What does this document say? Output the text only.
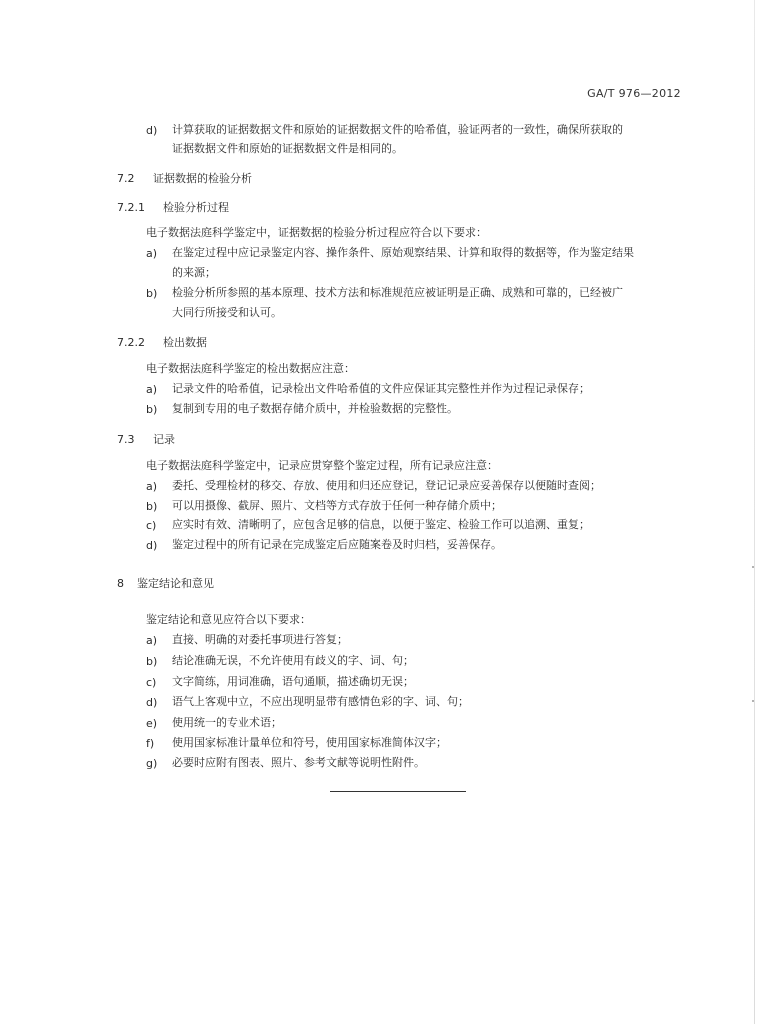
GA/T 976—2012
d) 计算获取的证据数据文件和原始的证据数据文件的哈希值，验证两者的一致性，确保所获取的
证据数据文件和原始的证据数据文件是相同的。
7.2 证据数据的检验分析
7.2.1 检验分析过程
电子数据法庭科学鉴定中，证据数据的检验分析过程应符合以下要求：
a) 在鉴定过程中应记录鉴定内容、操作条件、原始观察结果、计算和取得的数据等，作为鉴定结果
的来源；
b) 检验分析所参照的基本原理、技术方法和标准规范应被证明是正确、成熟和可靠的，已经被广
大同行所接受和认可。
7.2.2 检出数据
电子数据法庭科学鉴定的检出数据应注意：
a) 记录文件的哈希值，记录检出文件哈希值的文件应保证其完整性并作为过程记录保存；
b) 复制到专用的电子数据存储介质中，并检验数据的完整性。
7.3 记录
电子数据法庭科学鉴定中，记录应贯穿整个鉴定过程，所有记录应注意：
a) 委托、受理检材的移交、存放、使用和归还应登记，登记记录应妥善保存以便随时查阅；
b) 可以用摄像、截屏、照片、文档等方式存放于任何一种存储介质中；
c) 应实时有效、清晰明了，应包含足够的信息，以便于鉴定、检验工作可以追溯、重复；
d) 鉴定过程中的所有记录在完成鉴定后应随案卷及时归档，妥善保存。
8 鉴定结论和意见
鉴定结论和意见应符合以下要求：
a) 直接、明确的对委托事项进行答复；
b) 结论准确无误，不允许使用有歧义的字、词、句；
c) 文字简练，用词准确，语句通顺，描述确切无误；
d) 语气上客观中立，不应出现明显带有感情色彩的字、词、句；
e) 使用统一的专业术语；
f) 使用国家标准计量单位和符号，使用国家标准简体汉字；
g) 必要时应附有图表、照片、参考文献等说明性附件。
